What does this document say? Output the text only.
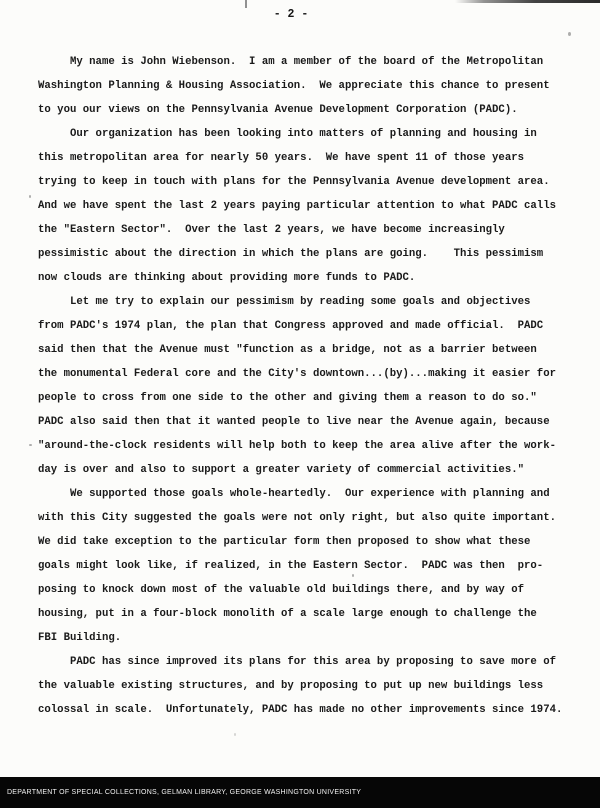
- 2 -
My name is John Wiebenson.  I am a member of the board of the Metropolitan
Washington Planning & Housing Association.  We appreciate this chance to present
to you our views on the Pennsylvania Avenue Development Corporation (PADC).
Our organization has been looking into matters of planning and housing in
this metropolitan area for nearly 50 years.  We have spent 11 of those years
trying to keep in touch with plans for the Pennsylvania Avenue development area.
And we have spent the last 2 years paying particular attention to what PADC calls
the "Eastern Sector".  Over the last 2 years, we have become increasingly
pessimistic about the direction in which the plans are going.    This pessimism
now clouds are thinking about providing more funds to PADC.
Let me try to explain our pessimism by reading some goals and objectives
from PADC's 1974 plan, the plan that Congress approved and made official.  PADC
said then that the Avenue must "function as a bridge, not as a barrier between
the monumental Federal core and the City's downtown...(by)...making it easier for
people to cross from one side to the other and giving them a reason to do so."
PADC also said then that it wanted people to live near the Avenue again, because
"around-the-clock residents will help both to keep the area alive after the work-
day is over and also to support a greater variety of commercial activities."
We supported those goals whole-heartedly.  Our experience with planning and
with this City suggested the goals were not only right, but also quite important.
We did take exception to the particular form then proposed to show what these
goals might look like, if realized, in the Eastern Sector.  PADC was then  pro-
posing to knock down most of the valuable old buildings there, and by way of
housing, put in a four-block monolith of a scale large enough to challenge the
FBI Building.
PADC has since improved its plans for this area by proposing to save more of
the valuable existing structures, and by proposing to put up new buildings less
colossal in scale.  Unfortunately, PADC has made no other improvements since 1974.
DEPARTMENT OF SPECIAL COLLECTIONS, GELMAN LIBRARY, GEORGE WASHINGTON UNIVERSITY
